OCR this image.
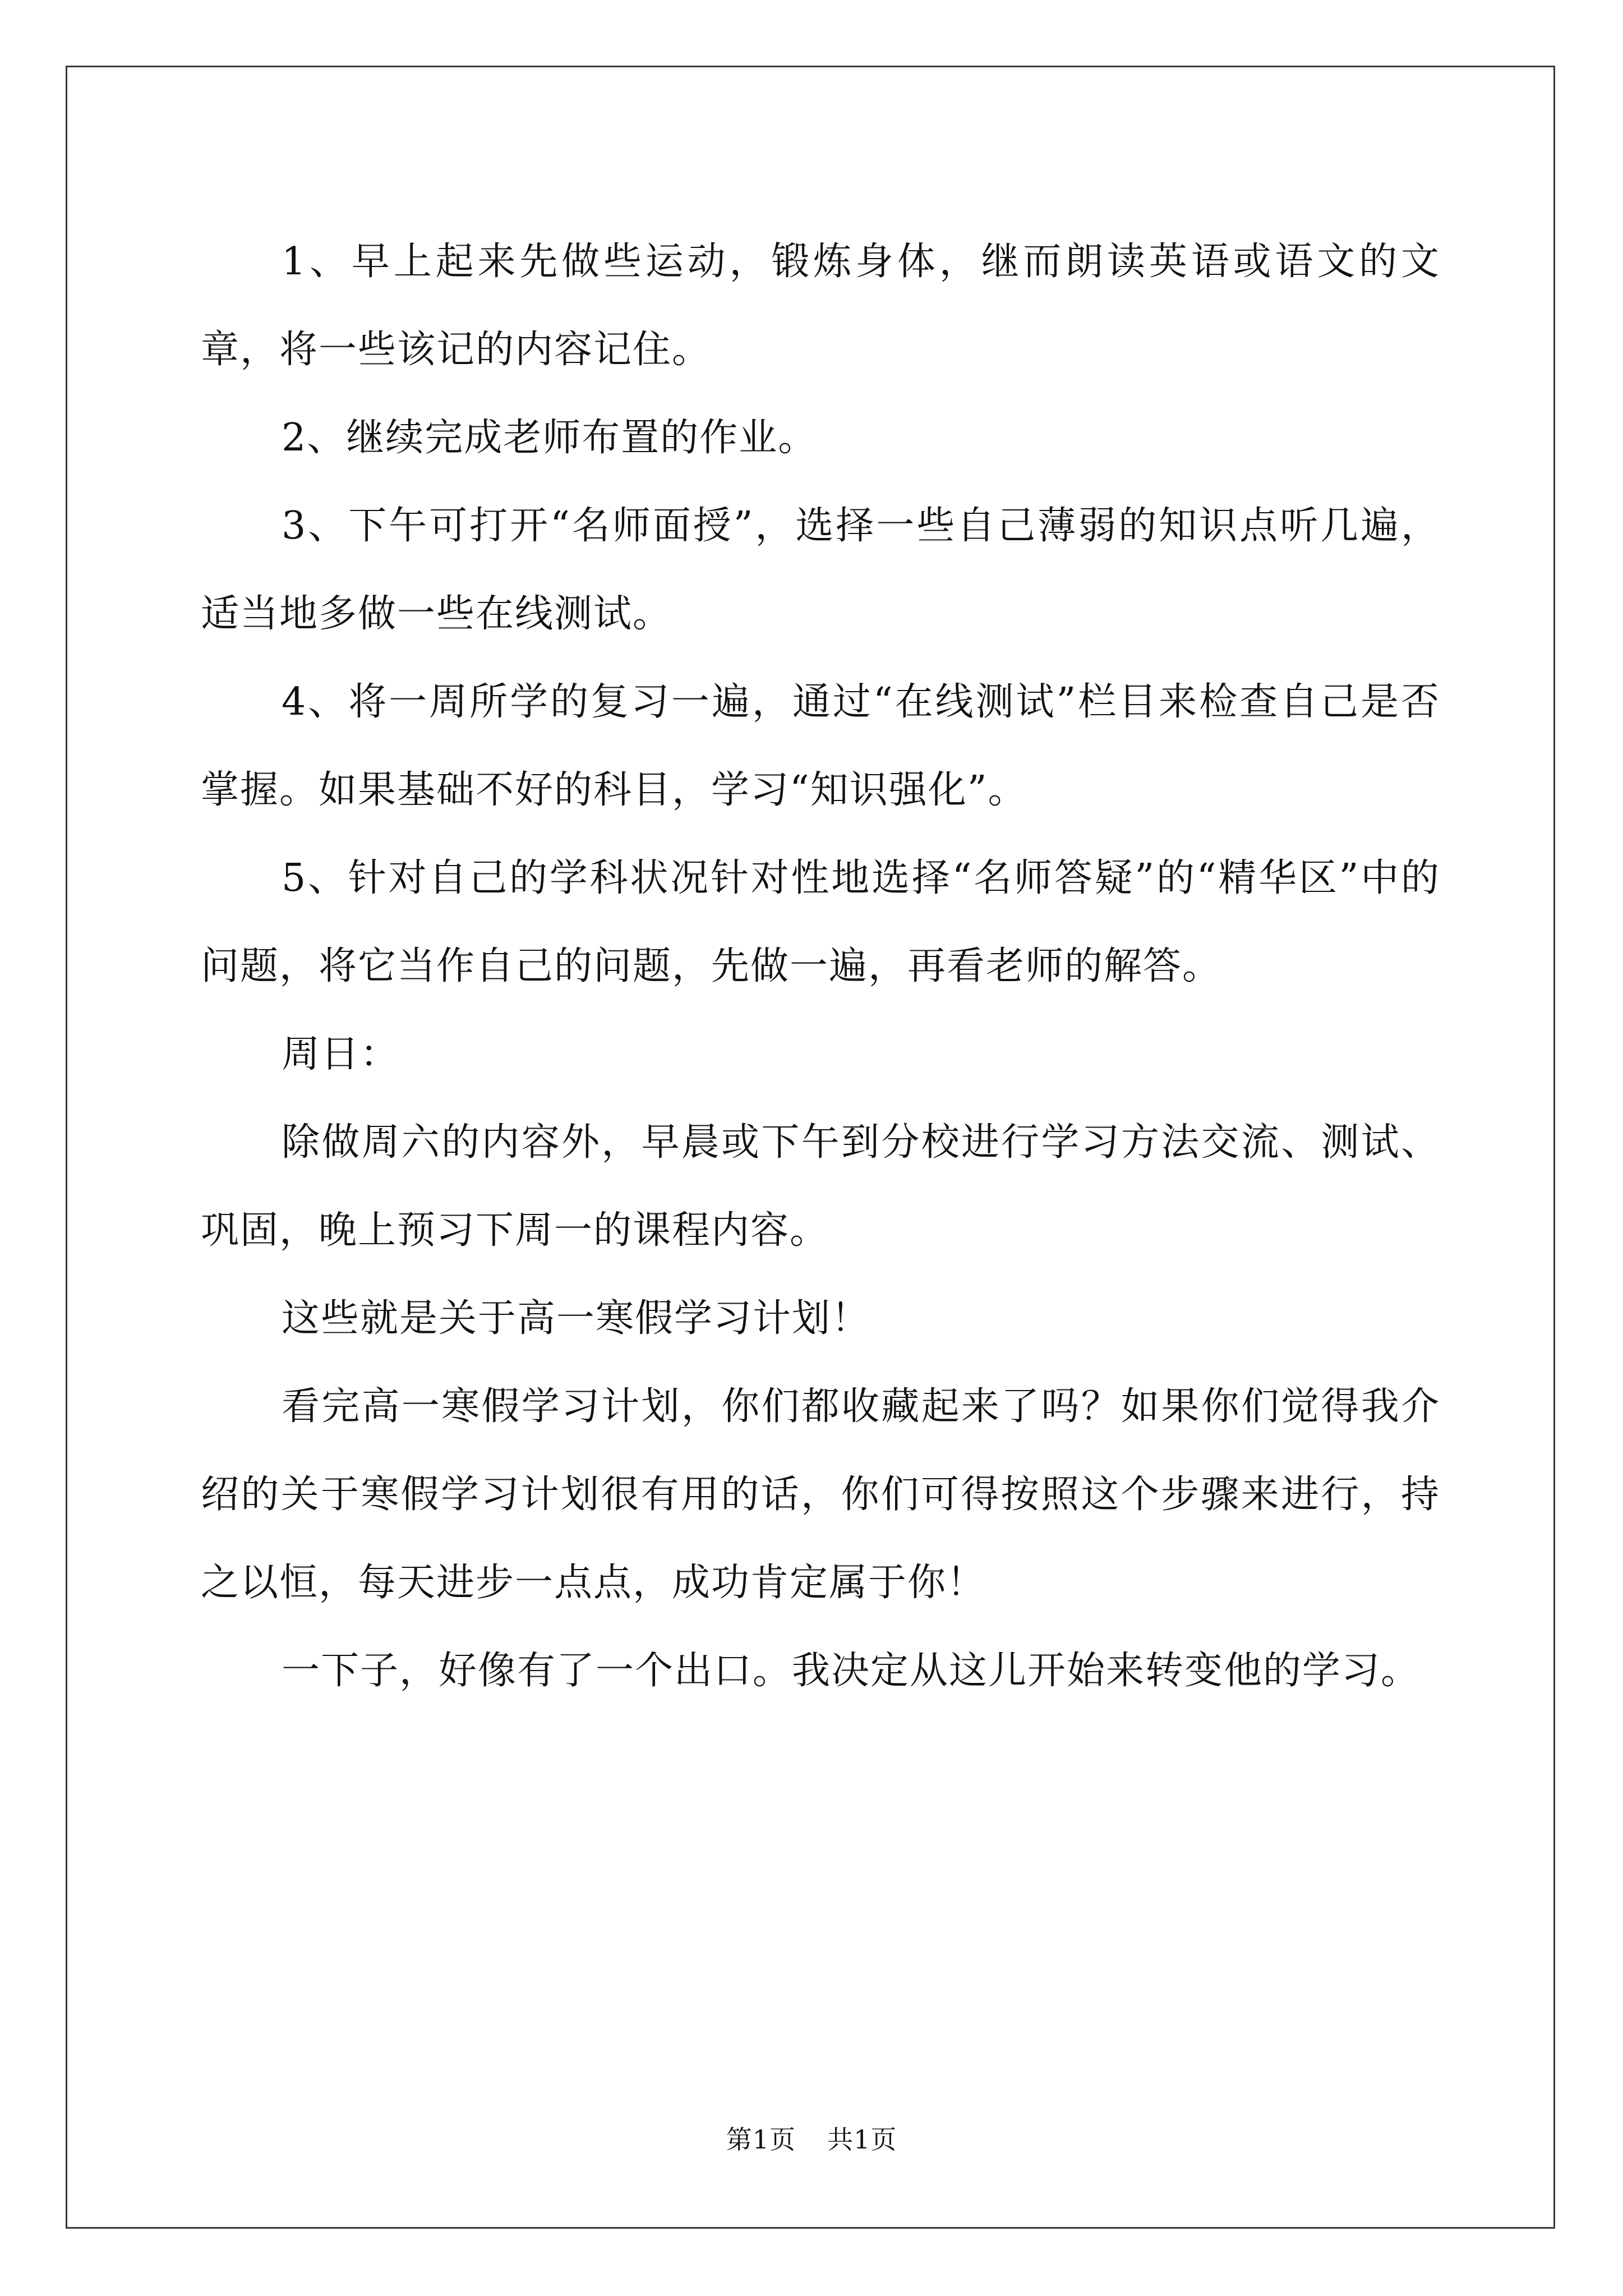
1、早上起来先做些运动，锻炼身体，继而朗读英语或语文的文章，将一些该记的内容记住。

2、继续完成老师布置的作业。

3、下午可打开“名师面授”，选择一些自己薄弱的知识点听几遍，适当地多做一些在线测试。

4、将一周所学的复习一遍，通过“在线测试”栏目来检查自己是否掌握。如果基础不好的科目，学习“知识强化”。

5、针对自己的学科状况针对性地选择“名师答疑”的“精华区”中的问题，将它当作自己的问题，先做一遍，再看老师的解答。

周日：

除做周六的内容外，早晨或下午到分校进行学习方法交流、测试、巩固，晚上预习下周一的课程内容。

这些就是关于高一寒假学习计划！

看完高一寒假学习计划，你们都收藏起来了吗？如果你们觉得我介绍的关于寒假学习计划很有用的话，你们可得按照这个步骤来进行，持之以恒，每天进步一点点，成功肯定属于你！

一下子，好像有了一个出口。我决定从这儿开始来转变他的学习。

第1页 共1页
